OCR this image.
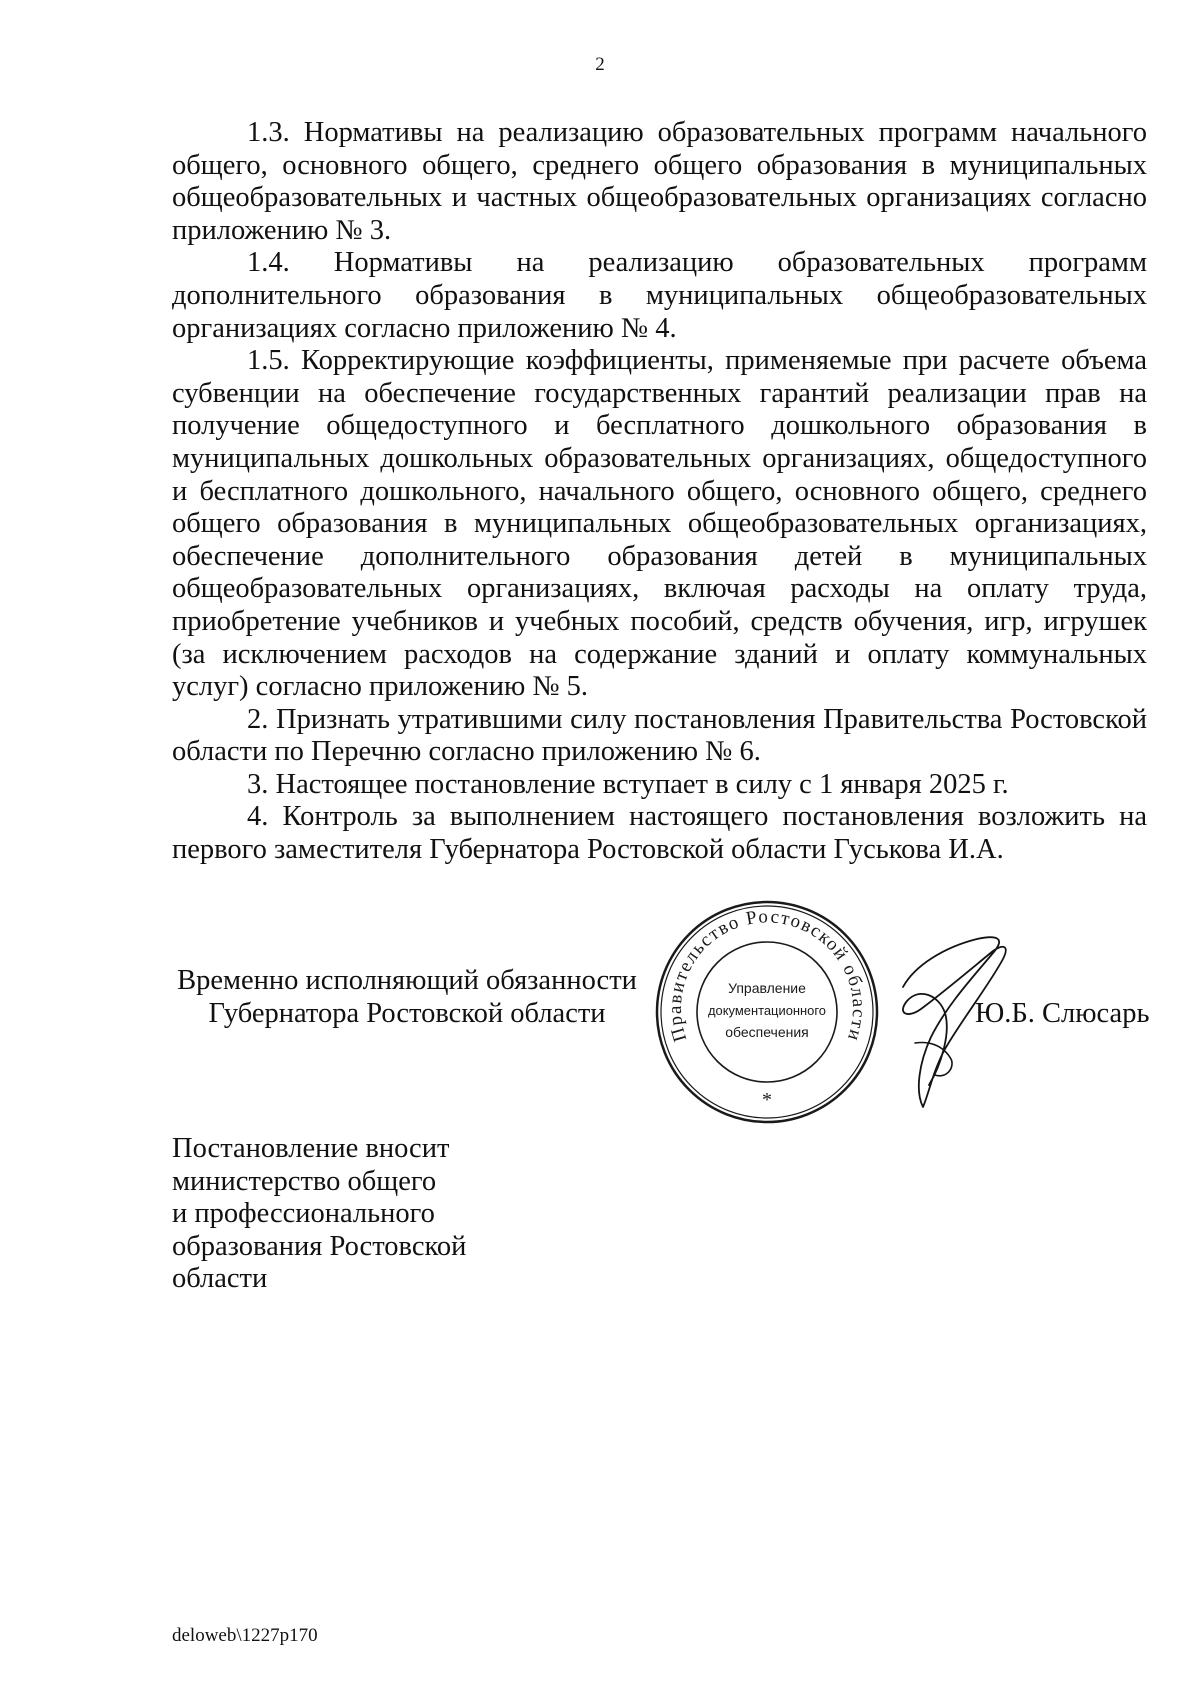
2

1.3. Нормативы на реализацию образовательных программ начального общего, основного общего, среднего общего образования в муниципальных общеобразовательных и частных общеобразовательных организациях согласно приложению № 3.

1.4. Нормативы на реализацию образовательных программ дополнительного образования в муниципальных общеобразовательных организациях согласно приложению № 4.

1.5. Корректирующие коэффициенты, применяемые при расчете объема субвенции на обеспечение государственных гарантий реализации прав на получение общедоступного и бесплатного дошкольного образования в муниципальных дошкольных образовательных организациях, общедоступного и бесплатного дошкольного, начального общего, основного общего, среднего общего образования в муниципальных общеобразовательных организациях, обеспечение дополнительного образования детей в муниципальных общеобразовательных организациях, включая расходы на оплату труда, приобретение учебников и учебных пособий, средств обучения, игр, игрушек (за исключением расходов на содержание зданий и оплату коммунальных услуг) согласно приложению № 5.

2. Признать утратившими силу постановления Правительства Ростовской области по Перечню согласно приложению № 6.

3. Настоящее постановление вступает в силу с 1 января 2025 г.

4. Контроль за выполнением настоящего постановления возложить на первого заместителя Губернатора Ростовской области Гуськова И.А.

Временно исполняющий обязанности
Губернатора Ростовской области
Правительство Ростовской области
Управление
документационного
обеспечения
*
Ю.Б. Слюсарь
Постановление вносит
министерство общего
и профессионального
образования Ростовской
области
deloweb\1227p170
